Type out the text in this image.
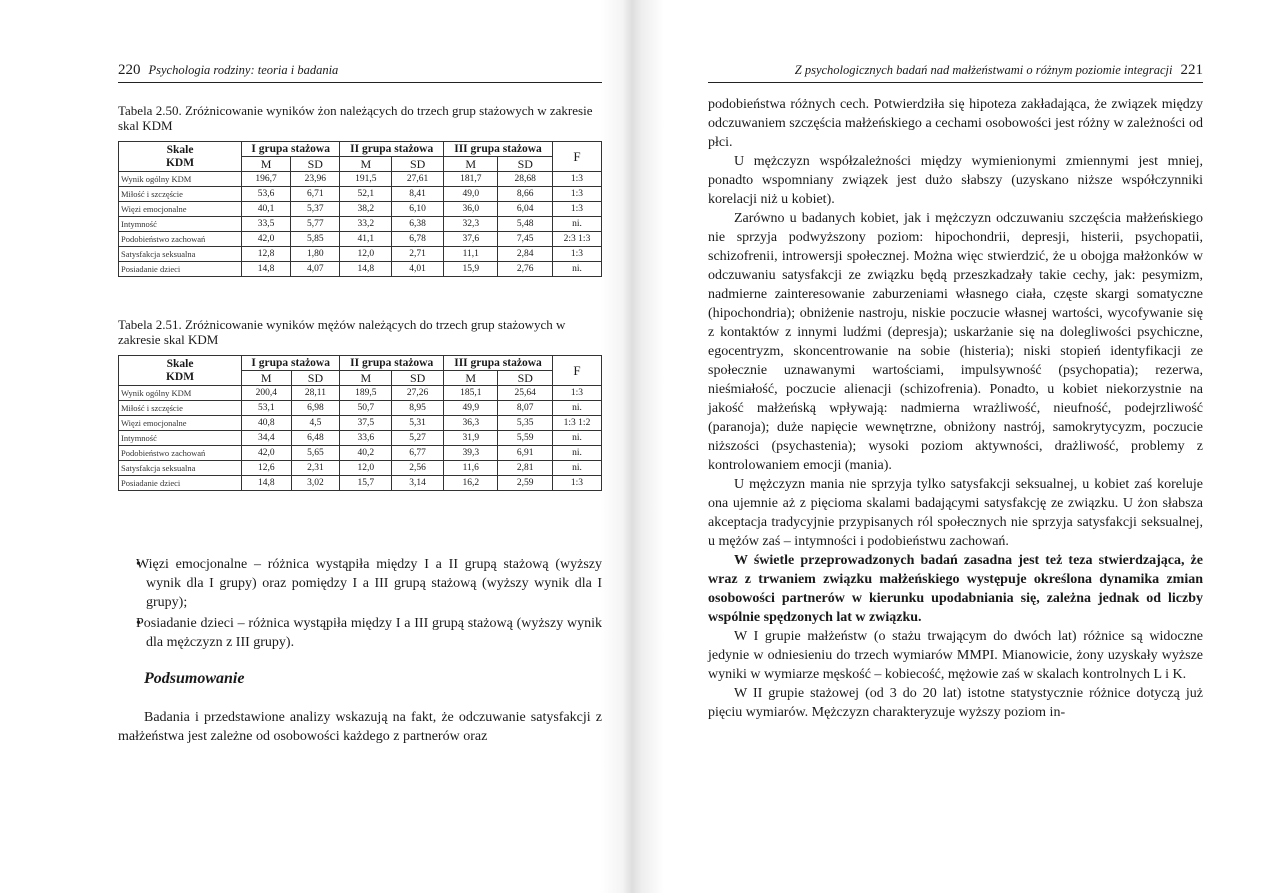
220 Psychologia rodziny: teoria i badania
Tabela 2.50. Zróżnicowanie wyników żon należących do trzech grup stażowych w zakresie skal KDM
Skale
KDM	I grupa stażowa		II grupa stażowa		III grupa stażowa		F
	M	SD	M	SD	M	SD	
Wynik ogólny KDM	196,7	23,96	191,5	27,61	181,7	28,68	1:3
Miłość i szczęście	53,6	6,71	52,1	8,41	49,0	8,66	1:3
Więzi emocjonalne	40,1	5,37	38,2	6,10	36,0	6,04	1:3
Intymność	33,5	5,77	33,2	6,38	32,3	5,48	ni.
Podobieństwo zachowań	42,0	5,85	41,1	6,78	37,6	7,45	2:3 1:3
Satysfakcja seksualna	12,8	1,80	12,0	2,71	11,1	2,84	1:3
Posiadanie dzieci	14,8	4,07	14,8	4,01	15,9	2,76	ni.
Tabela 2.51. Zróżnicowanie wyników mężów należących do trzech grup stażowych w zakresie skal KDM
Skale
KDM	I grupa stażowa		II grupa stażowa		III grupa stażowa		F
	M	SD	M	SD	M	SD	
Wynik ogólny KDM	200,4	28,11	189,5	27,26	185,1	25,64	1:3
Miłość i szczęście	53,1	6,98	50,7	8,95	49,9	8,07	ni.
Więzi emocjonalne	40,8	4,5	37,5	5,31	36,3	5,35	1:3 1:2
Intymność	34,4	6,48	33,6	5,27	31,9	5,59	ni.
Podobieństwo zachowań	42,0	5,65	40,2	6,77	39,3	6,91	ni.
Satysfakcja seksualna	12,6	2,31	12,0	2,56	11,6	2,81	ni.
Posiadanie dzieci	14,8	3,02	15,7	3,14	16,2	2,59	1:3
• Więzi emocjonalne – różnica wystąpiła między I a II grupą stażową (wyższy wynik dla I grupy) oraz pomiędzy I a III grupą stażową (wyższy wynik dla I grupy);
• Posiadanie dzieci – różnica wystąpiła między I a III grupą stażową (wyższy wynik dla mężczyzn z III grupy).
Podsumowanie

Badania i przedstawione analizy wskazują na fakt, że odczuwanie satysfakcji z małżeństwa jest zależne od osobowości każdego z partnerów oraz

Z psychologicznych badań nad małżeństwami o różnym poziomie integracji 221

podobieństwa różnych cech. Potwierdziła się hipoteza zakładająca, że związek między odczuwaniem szczęścia małżeńskiego a cechami osobowości jest różny w zależności od płci.

U mężczyzn współzależności między wymienionymi zmiennymi jest mniej, ponadto wspomniany związek jest dużo słabszy (uzyskano niższe współczynniki korelacji niż u kobiet).

Zarówno u badanych kobiet, jak i mężczyzn odczuwaniu szczęścia małżeńskiego nie sprzyja podwyższony poziom: hipochondrii, depresji, histerii, psychopatii, schizofrenii, introwersji społecznej. Można więc stwierdzić, że u obojga małżonków w odczuwaniu satysfakcji ze związku będą przeszkadzały takie cechy, jak: pesymizm, nadmierne zainteresowanie zaburzeniami własnego ciała, częste skargi somatyczne (hipochondria); obniżenie nastroju, niskie poczucie własnej wartości, wycofywanie się z kontaktów z innymi ludźmi (depresja); uskarżanie się na dolegliwości psychiczne, egocentryzm, skoncentrowanie na sobie (histeria); niski stopień identyfikacji ze społecznie uznawanymi wartościami, impulsywność (psychopatia); rezerwa, nieśmiałość, poczucie alienacji (schizofrenia). Ponadto, u kobiet niekorzystnie na jakość małżeńską wpływają: nadmierna wrażliwość, nieufność, podejrzliwość (paranoja); duże napięcie wewnętrzne, obniżony nastrój, samokrytycyzm, poczucie niższości (psychastenia); wysoki poziom aktywności, drażliwość, problemy z kontrolowaniem emocji (mania).

U mężczyzn mania nie sprzyja tylko satysfakcji seksualnej, u kobiet zaś koreluje ona ujemnie aż z pięcioma skalami badającymi satysfakcję ze związku. U żon słabsza akceptacja tradycyjnie przypisanych ról społecznych nie sprzyja satysfakcji seksualnej, u mężów zaś – intymności i podobieństwu zachowań.

W świetle przeprowadzonych badań zasadna jest też teza stwierdzająca, że wraz z trwaniem związku małżeńskiego występuje określona dynamika zmian osobowości partnerów w kierunku upodabniania się, zależna jednak od liczby wspólnie spędzonych lat w związku.

W I grupie małżeństw (o stażu trwającym do dwóch lat) różnice są widoczne jedynie w odniesieniu do trzech wymiarów MMPI. Mianowicie, żony uzyskały wyższe wyniki w wymiarze męskość – kobiecość, mężowie zaś w skalach kontrolnych L i K.

W II grupie stażowej (od 3 do 20 lat) istotne statystycznie różnice dotyczą już pięciu wymiarów. Mężczyzn charakteryzuje wyższy poziom in-
